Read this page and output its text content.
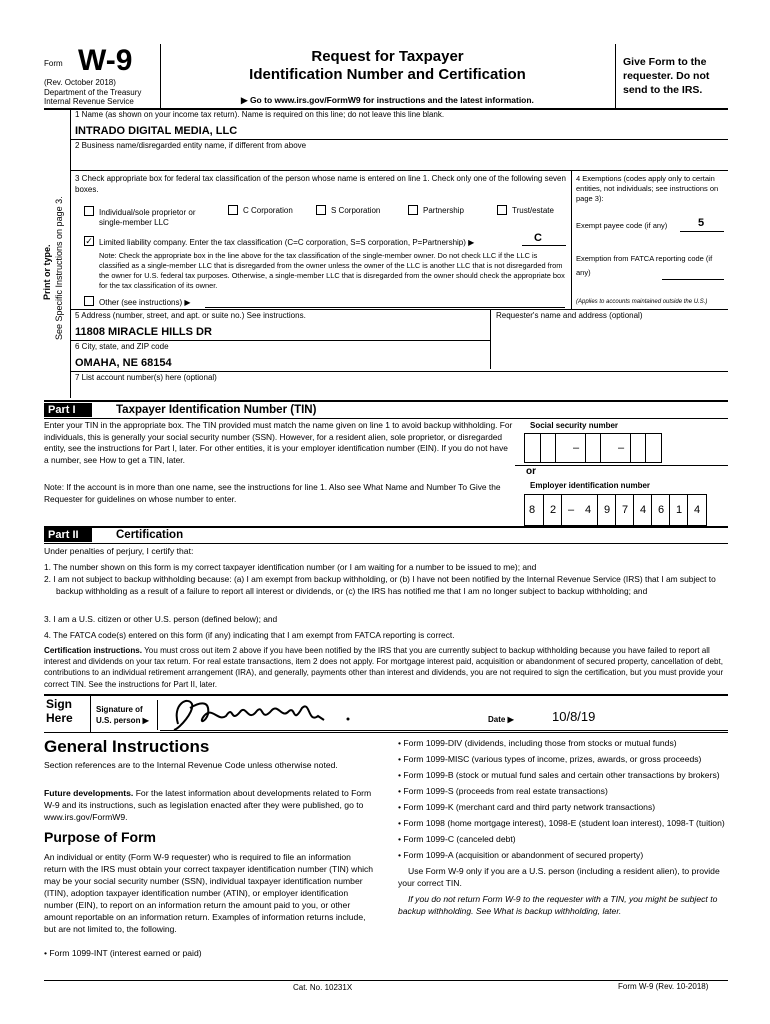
Form W-9
(Rev. October 2018)
Department of the Treasury
Internal Revenue Service
Request for Taxpayer
Identification Number and Certification
▶ Go to www.irs.gov/FormW9 for instructions and the latest information.
Give Form to the requester. Do not send to the IRS.
Print or type. See Specific Instructions on page 3.
1 Name (as shown on your income tax return). Name is required on this line; do not leave this line blank.
INTRADO DIGITAL MEDIA, LLC
2 Business name/disregarded entity name, if different from above
3 Check appropriate box for federal tax classification of the person whose name is entered on line 1. Check only one of the following seven boxes.
Individual/sole proprietor or single-member LLC
C Corporation	S Corporation	Partnership	Trust/estate
✓ Limited liability company. Enter the tax classification (C=C corporation, S=S corporation, P=Partnership) ▶	C
Note: Check the appropriate box in the line above for the tax classification of the single-member owner. Do not check LLC if the LLC is classified as a single-member LLC that is disregarded from the owner unless the owner of the LLC is another LLC that is not disregarded from the owner for U.S. federal tax purposes. Otherwise, a single-member LLC that is disregarded from the owner should check the appropriate box for the tax classification of its owner.
Other (see instructions) ▶
4 Exemptions (codes apply only to certain entities, not individuals; see instructions on page 3):
Exempt payee code (if any)	5
Exemption from FATCA reporting code (if any)
(Applies to accounts maintained outside the U.S.)
5 Address (number, street, and apt. or suite no.) See instructions.
11808 MIRACLE HILLS DR
Requester's name and address (optional)
6 City, state, and ZIP code
OMAHA, NE 68154
7 List account number(s) here (optional)
Part I	Taxpayer Identification Number (TIN)
Enter your TIN in the appropriate box. The TIN provided must match the name given on line 1 to avoid backup withholding. For individuals, this is generally your social security number (SSN). However, for a resident alien, sole proprietor, or disregarded entity, see the instructions for Part I, later. For other entities, it is your employer identification number (EIN). If you do not have a number, see How to get a TIN, later.
Note: If the account is in more than one name, see the instructions for line 1. Also see What Name and Number To Give the Requester for guidelines on whose number to enter.
Social security number
–	–
or
Employer identification number
8 2 – 4 9 7 4 6 1 4
Part II	Certification
Under penalties of perjury, I certify that:
1. The number shown on this form is my correct taxpayer identification number (or I am waiting for a number to be issued to me); and
2. I am not subject to backup withholding because: (a) I am exempt from backup withholding, or (b) I have not been notified by the Internal Revenue Service (IRS) that I am subject to backup withholding as a result of a failure to report all interest or dividends, or (c) the IRS has notified me that I am no longer subject to backup withholding; and
3. I am a U.S. citizen or other U.S. person (defined below); and
4. The FATCA code(s) entered on this form (if any) indicating that I am exempt from FATCA reporting is correct.
Certification instructions. You must cross out item 2 above if you have been notified by the IRS that you are currently subject to backup withholding because you have failed to report all interest and dividends on your tax return. For real estate transactions, item 2 does not apply. For mortgage interest paid, acquisition or abandonment of secured property, cancellation of debt, contributions to an individual retirement arrangement (IRA), and generally, payments other than interest and dividends, you are not required to sign the certification, but you must provide your correct TIN. See the instructions for Part II, later.
Sign Here
Signature of U.S. person ▶	Date ▶	10/8/19
General Instructions
Section references are to the Internal Revenue Code unless otherwise noted.
Future developments. For the latest information about developments related to Form W-9 and its instructions, such as legislation enacted after they were published, go to www.irs.gov/FormW9.
Purpose of Form
An individual or entity (Form W-9 requester) who is required to file an information return with the IRS must obtain your correct taxpayer identification number (TIN) which may be your social security number (SSN), individual taxpayer identification number (ITIN), adoption taxpayer identification number (ATIN), or employer identification number (EIN), to report on an information return the amount paid to you, or other amount reportable on an information return. Examples of information returns include, but are not limited to, the following.
• Form 1099-INT (interest earned or paid)
• Form 1099-DIV (dividends, including those from stocks or mutual funds)
• Form 1099-MISC (various types of income, prizes, awards, or gross proceeds)
• Form 1099-B (stock or mutual fund sales and certain other transactions by brokers)
• Form 1099-S (proceeds from real estate transactions)
• Form 1099-K (merchant card and third party network transactions)
• Form 1098 (home mortgage interest), 1098-E (student loan interest), 1098-T (tuition)
• Form 1099-C (canceled debt)
• Form 1099-A (acquisition or abandonment of secured property)
Use Form W-9 only if you are a U.S. person (including a resident alien), to provide your correct TIN.
If you do not return Form W-9 to the requester with a TIN, you might be subject to backup withholding. See What is backup withholding, later.
Cat. No. 10231X	Form W-9 (Rev. 10-2018)
